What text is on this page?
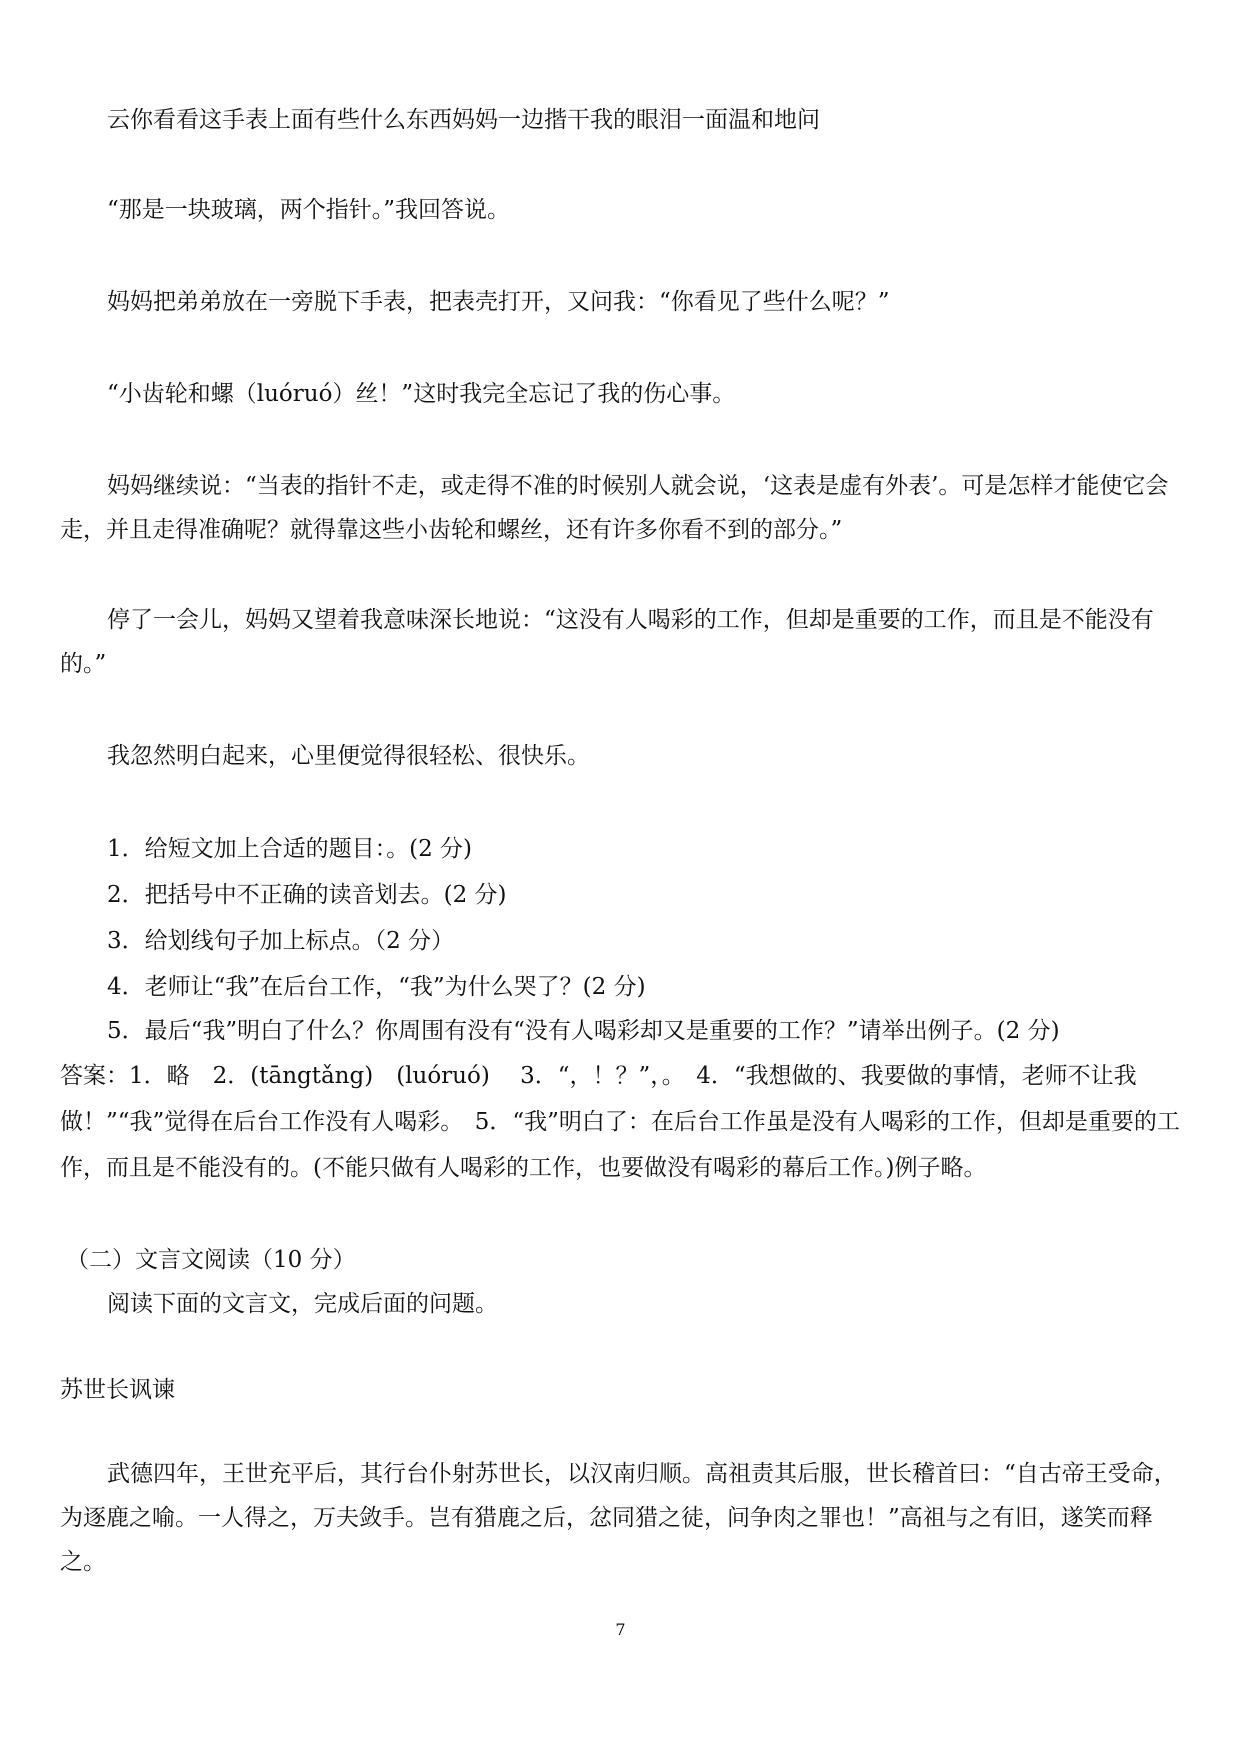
云你看看这手表上面有些什么东西妈妈一边揩干我的眼泪一面温和地问

“那是一块玻璃，两个指针。”我回答说。

妈妈把弟弟放在一旁脱下手表，把表壳打开，又问我：“你看见了些什么呢？”

“小齿轮和螺（luóruó）丝！”这时我完全忘记了我的伤心事。

妈妈继续说：“当表的指针不走，或走得不准的时候别人就会说，‘这表是虚有外表’。可是怎样才能使它会走，并且走得准确呢？就得靠这些小齿轮和螺丝，还有许多你看不到的部分。”

停了一会儿，妈妈又望着我意味深长地说：“这没有人喝彩的工作，但却是重要的工作，而且是不能没有的。”

我忽然明白起来，心里便觉得很轻松、很快乐。

1．给短文加上合适的题目：。(2 分)

2．把括号中不正确的读音划去。(2 分)

3．给划线句子加上标点。（2 分）

4．老师让“我”在后台工作，“我”为什么哭了？(2 分)

5．最后“我”明白了什么？你周围有没有“没有人喝彩却又是重要的工作？”请举出例子。(2 分)

答案：1．略　2．(tāngtǎng)　(luóruó)　 3．“，！？”，。　4．“我想做的、我要做的事情，老师不让我做！”“我”觉得在后台工作没有人喝彩。　5．“我”明白了：在后台工作虽是没有人喝彩的工作，但却是重要的工作，而且是不能没有的。(不能只做有人喝彩的工作，也要做没有喝彩的幕后工作。)例子略。

（二）文言文阅读（10 分）

阅读下面的文言文，完成后面的问题。

苏世长讽谏

武德四年，王世充平后，其行台仆射苏世长，以汉南归顺。高祖责其后服，世长稽首曰：“自古帝王受命，为逐鹿之喻。一人得之，万夫敛手。岂有猎鹿之后，忿同猎之徒，问争肉之罪也！”高祖与之有旧，遂笑而释之。

7
